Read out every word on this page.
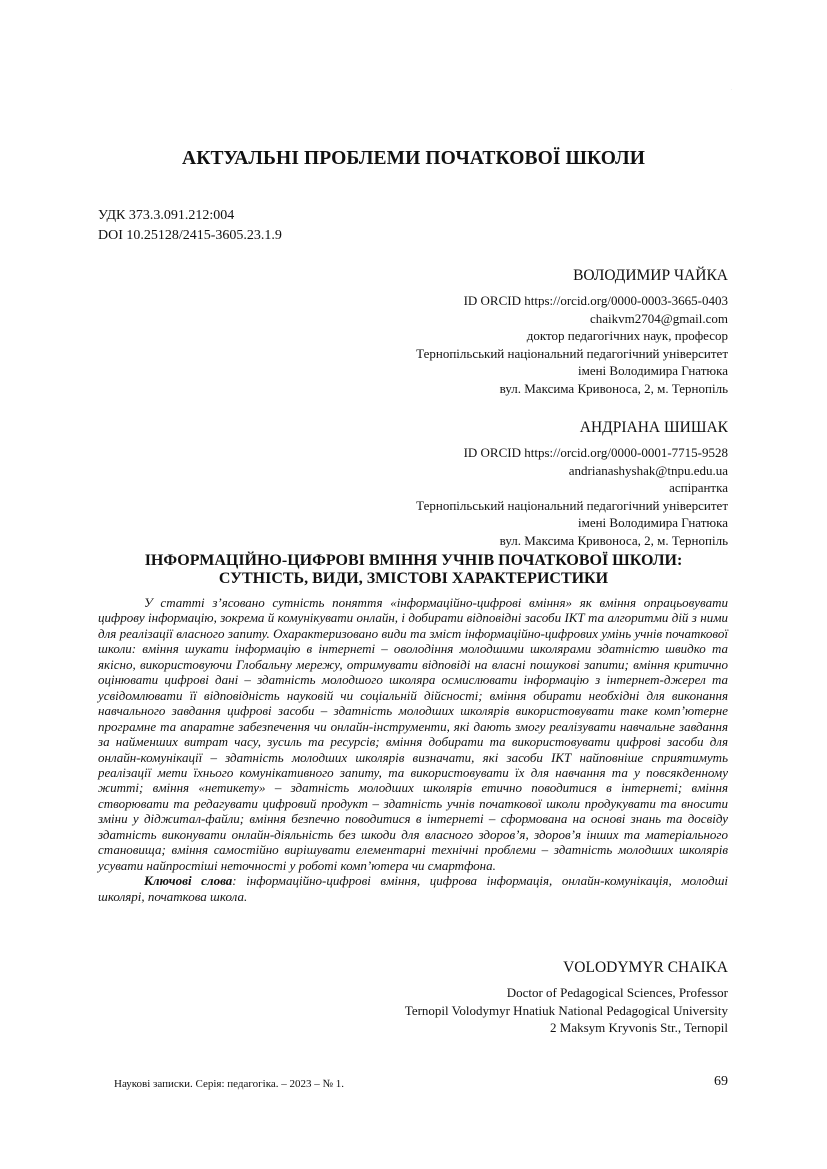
·
АКТУАЛЬНІ ПРОБЛЕМИ ПОЧАТКОВОЇ ШКОЛИ
УДК 373.3.091.212:004
DOI 10.25128/2415-3605.23.1.9
ВОЛОДИМИР ЧАЙКА
ID ORCID https://orcid.org/0000-0003-3665-0403
chaikvm2704@gmail.com
доктор педагогічних наук, професор
Тернопільський національний педагогічний університет
імені Володимира Гнатюка
вул. Максима Кривоноса, 2, м. Тернопіль
АНДРІАНА ШИШАК
ID ORCID https://orcid.org/0000-0001-7715-9528
andrianashyshak@tnpu.edu.ua
аспірантка
Тернопільський національний педагогічний університет
імені Володимира Гнатюка
вул. Максима Кривоноса, 2, м. Тернопіль
ІНФОРМАЦІЙНО-ЦИФРОВІ ВМІННЯ УЧНІВ ПОЧАТКОВОЇ ШКОЛИ:
СУТНІСТЬ, ВИДИ, ЗМІСТОВІ ХАРАКТЕРИСТИКИ

У статті з’ясовано сутність поняття «інформаційно-цифрові вміння» як вміння опрацьовувати цифрову інформацію, зокрема й комунікувати онлайн, і добирати відповідні засоби ІКТ та алгоритми дій з ними для реалізації власного запиту. Охарактеризовано види та зміст інформаційно-цифрових умінь учнів початкової школи: вміння шукати інформацію в інтернеті – оволодіння молодшими школярами здатністю швидко та якісно, використовуючи Глобальну мережу, отримувати відповіді на власні пошукові запити; вміння критично оцінювати цифрові дані – здатність молодшого школяра осмислювати інформацію з інтернет-джерел та усвідомлювати її відповідність науковій чи соціальній дійсності; вміння обирати необхідні для виконання навчального завдання цифрові засоби – здатність молодших школярів використовувати таке комп’ютерне програмне та апаратне забезпечення чи онлайн-інструменти, які дають змогу реалізувати навчальне завдання за найменших витрат часу, зусиль та ресурсів; вміння добирати та використовувати цифрові засоби для онлайн-комунікації – здатність молодших школярів визначати, які засоби ІКТ найповніше сприятимуть реалізації мети їхнього комунікативного запиту, та використовувати їх для навчання та у повсякденному житті; вміння «нетикету» – здатність молодших школярів етично поводитися в інтернеті; вміння створювати та редагувати цифровий продукт – здатність учнів початкової школи продукувати та вносити зміни у діджитал-файли; вміння безпечно поводитися в інтернеті – сформована на основі знань та досвіду здатність виконувати онлайн-діяльність без шкоди для власного здоров’я, здоров’я інших та матеріального становища; вміння самостійно вирішувати елементарні технічні проблеми – здатність молодших школярів усувати найпростіші неточності у роботі комп’ютера чи смартфона.

Ключові слова: інформаційно-цифрові вміння, цифрова інформація, онлайн-комунікація, молодші школярі, початкова школа.

VOLODYMYR CHAIKA
Doctor of Pedagogical Sciences, Professor
Ternopil Volodymyr Hnatiuk National Pedagogical University
2 Maksym Kryvonis Str., Ternopil
Наукові записки. Серія: педагогіка. – 2023 – № 1.	69
